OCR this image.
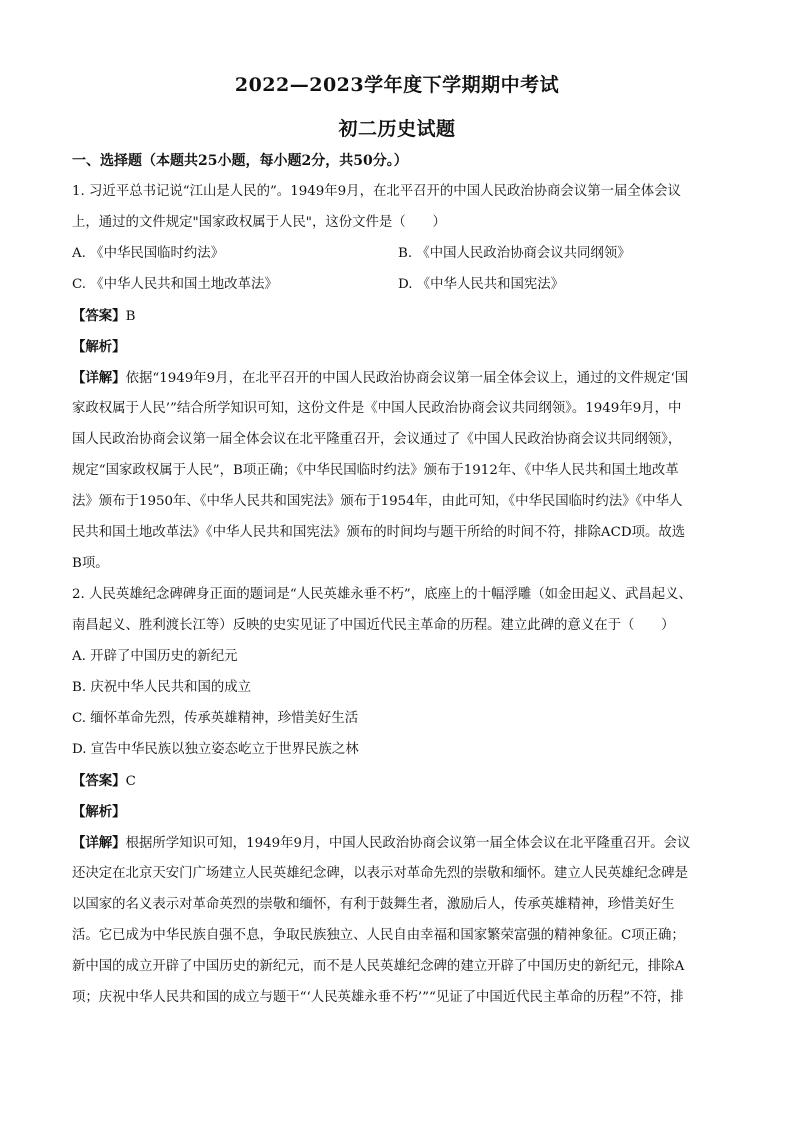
2022—2023学年度下学期期中考试
初二历史试题
一、选择题（本题共25小题，每小题2分，共50分。）
1. 习近平总书记说“江山是人民的”。1949年9月，在北平召开的中国人民政治协商会议第一届全体会议
上，通过的文件规定"国家政权属于人民"，这份文件是（　　）
A. 《中华民国临时约法》	B. 《中国人民政治协商会议共同纲领》
C. 《中华人民共和国土地改革法》	D. 《中华人民共和国宪法》
【答案】B
【解析】
【详解】依据“1949年9月，在北平召开的中国人民政治协商会议第一届全体会议上，通过的文件规定‘国
家政权属于人民’”结合所学知识可知，这份文件是《中国人民政治协商会议共同纲领》。1949年9月，中
国人民政治协商会议第一届全体会议在北平隆重召开，会议通过了《中国人民政治协商会议共同纲领》，
规定“国家政权属于人民”，B项正确；《中华民国临时约法》颁布于1912年、《中华人民共和国土地改革
法》颁布于1950年、《中华人民共和国宪法》颁布于1954年，由此可知，《中华民国临时约法》《中华人
民共和国土地改革法》《中华人民共和国宪法》颁布的时间均与题干所给的时间不符，排除ACD项。故选
B项。
2. 人民英雄纪念碑碑身正面的题词是“人民英雄永垂不朽”，底座上的十幅浮雕（如金田起义、武昌起义、
南昌起义、胜利渡长江等）反映的史实见证了中国近代民主革命的历程。建立此碑的意义在于（　　）
A. 开辟了中国历史的新纪元
B. 庆祝中华人民共和国的成立
C. 缅怀革命先烈，传承英雄精神，珍惜美好生活
D. 宣告中华民族以独立姿态屹立于世界民族之林
【答案】C
【解析】
【详解】根据所学知识可知，1949年9月，中国人民政治协商会议第一届全体会议在北平隆重召开。会议
还决定在北京天安门广场建立人民英雄纪念碑，以表示对革命先烈的崇敬和缅怀。建立人民英雄纪念碑是
以国家的名义表示对革命英烈的崇敬和缅怀，有利于鼓舞生者，激励后人，传承英雄精神，珍惜美好生
活。它已成为中华民族自强不息，争取民族独立、人民自由幸福和国家繁荣富强的精神象征。C项正确；
新中国的成立开辟了中国历史的新纪元，而不是人民英雄纪念碑的建立开辟了中国历史的新纪元，排除A
项；庆祝中华人民共和国的成立与题干“‘人民英雄永垂不朽’”“见证了中国近代民主革命的历程”不符，排
